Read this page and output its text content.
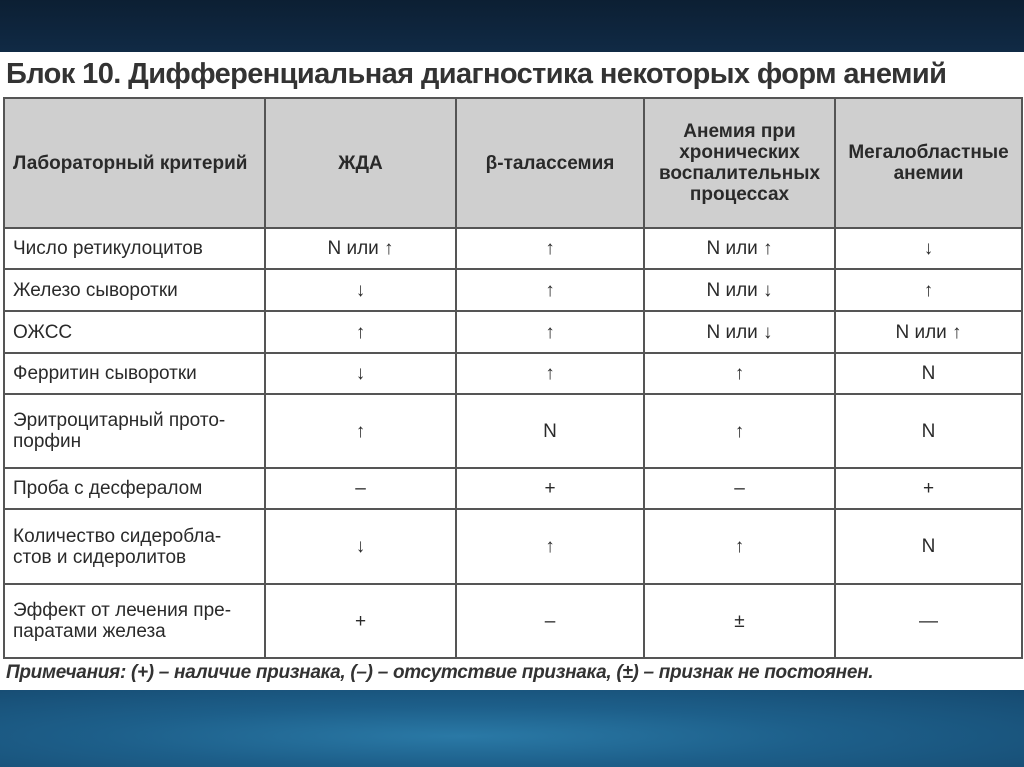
Блок 10. Дифференциальная диагностика некоторых форм анемий
Лабораторный критерий	ЖДА	β-талассемия	Анемия при хронических воспалительных процессах	Мегалобластные анемии
Число ретикулоцитов	N или ↑	↑	N или ↑	↓
Железо сыворотки	↓	↑	N или ↓	↑
ОЖСС	↑	↑	N или ↓	N или ↑
Ферритин сыворотки	↓	↑	↑	N
Эритроцитарный прото-порфин	↑	N	↑	N
Проба с десфералом	–	+	–	+
Количество сидеробла-стов и сидеролитов	↓	↑	↑	N
Эффект от лечения пре-паратами железа	+	–	±	—
Примечания: (+) – наличие признака, (–) – отсутствие признака, (±) – признак не постоянен.
